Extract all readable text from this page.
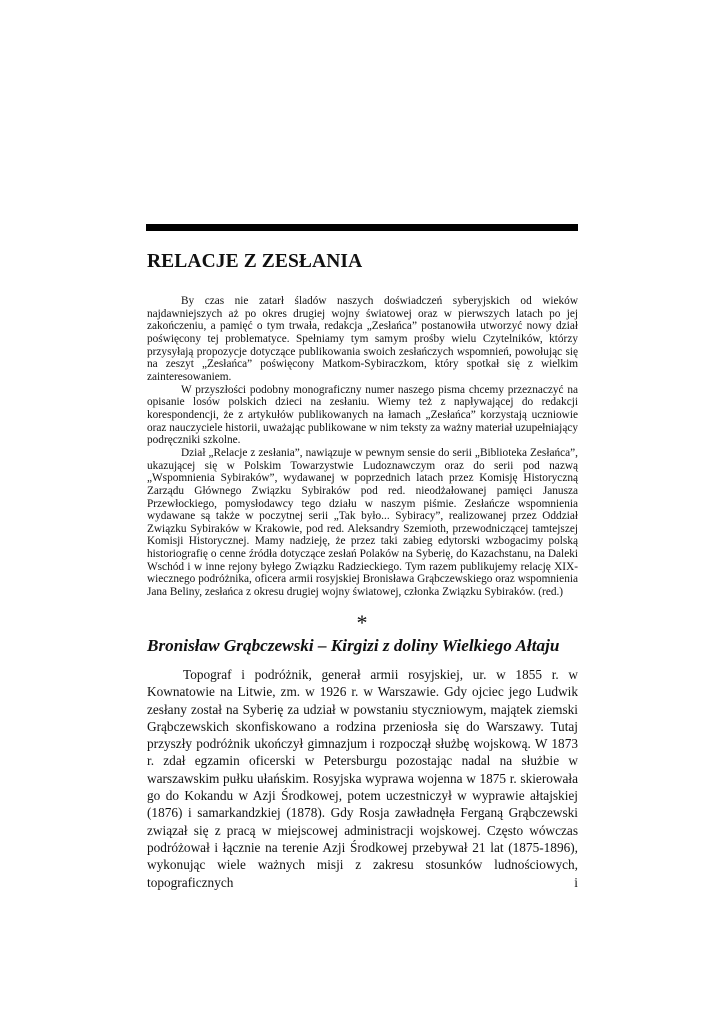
RELACJE Z ZESŁANIA

By czas nie zatarł śladów naszych doświadczeń syberyjskich od wieków najdawniejszych aż po okres drugiej wojny światowej oraz w pierwszych latach po jej zakończeniu, a pamięć o tym trwała, redakcja „Zesłańca” postanowiła utworzyć nowy dział poświęcony tej problematyce. Spełniamy tym samym prośby wielu Czytelników, którzy przysyłają propozycje dotyczące publikowania swoich zesłańczych wspomnień, powołując się na zeszyt „Zesłańca” poświęcony Matkom-Sybiraczkom, który spotkał się z wielkim zainteresowaniem.

W przyszłości podobny monograficzny numer naszego pisma chcemy przeznaczyć na opisanie losów polskich dzieci na zesłaniu. Wiemy też z napływającej do redakcji korespondencji, że z artykułów publikowanych na łamach „Zesłańca” korzystają uczniowie oraz nauczyciele historii, uważając publikowane w nim teksty za ważny materiał uzupełniający podręczniki szkolne.

Dział „Relacje z zesłania”, nawiązuje w pewnym sensie do serii „Biblioteka Zesłańca”, ukazującej się w Polskim Towarzystwie Ludoznawczym oraz do serii pod nazwą „Wspomnienia Sybiraków”, wydawanej w poprzednich latach przez Komisję Historyczną Zarządu Głównego Związku Sybiraków pod red. nieodżałowanej pamięci Janusza Przewłockiego, pomysłodawcy tego działu w naszym piśmie. Zesłańcze wspomnienia wydawane są także w poczytnej serii „Tak było... Sybiracy”, realizowanej przez Oddział Związku Sybiraków w Krakowie, pod red. Aleksandry Szemioth, przewodniczącej tamtejszej Komisji Historycznej. Mamy nadzieję, że przez taki zabieg edytorski wzbogacimy polską historiografię o cenne źródła dotyczące zesłań Polaków na Syberię, do Kazachstanu, na Daleki Wschód i w inne rejony byłego Związku Radzieckiego. Tym razem publikujemy relację XIX-wiecznego podróżnika, oficera armii rosyjskiej Bronisława Grąbczewskiego oraz wspomnienia Jana Beliny, zesłańca z okresu drugiej wojny światowej, członka Związku Sybiraków. (red.)

*
Bronisław Grąbczewski – Kirgizi z doliny Wielkiego Ałtaju

Topograf i podróżnik, generał armii rosyjskiej, ur. w 1855 r. w Kownatowie na Litwie, zm. w 1926 r. w Warszawie. Gdy ojciec jego Ludwik zesłany został na Syberię za udział w powstaniu styczniowym, majątek ziemski Grąbczewskich skonfiskowano a rodzina przeniosła się do Warszawy. Tutaj przyszły podróżnik ukończył gimnazjum i rozpoczął służbę wojskową. W 1873 r. zdał egzamin oficerski w Petersburgu pozostając nadal na służbie w warszawskim pułku ułańskim. Rosyjska wyprawa wojenna w 1875 r. skierowała go do Kokandu w Azji Środkowej, potem uczestniczył w wyprawie ałtajskiej (1876) i samarkandzkiej (1878). Gdy Rosja zawładnęła Ferganą Grąbczewski związał się z pracą w miejscowej administracji wojskowej. Często wówczas podróżował i łącznie na terenie Azji Środkowej przebywał 21 lat (1875-1896), wykonując wiele ważnych misji z zakresu stosunków ludnościowych, topograficznych i
